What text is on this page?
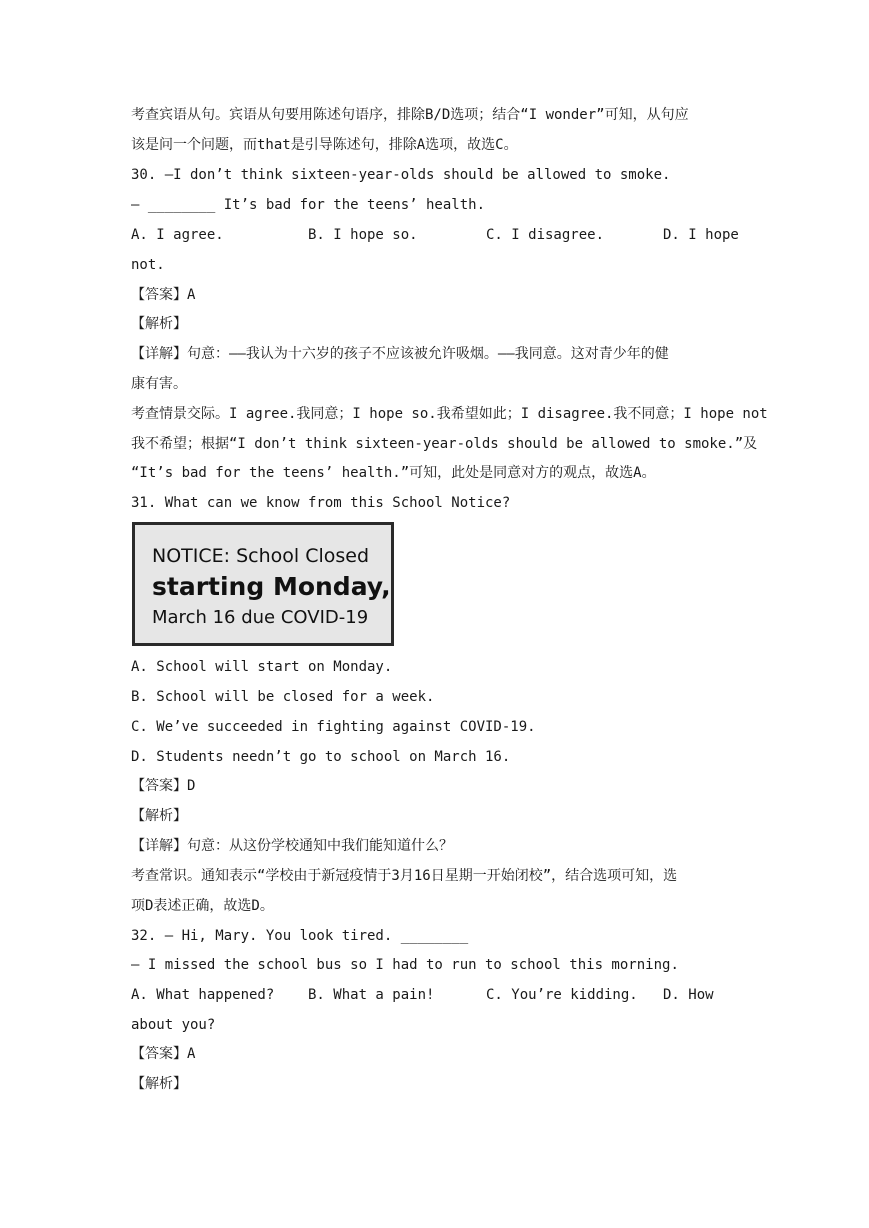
考查宾语从句。宾语从句要用陈述句语序，排除B/D选项；结合“I wonder”可知，从句应
该是问一个问题，而that是引导陈述句，排除A选项，故选C。
30. —I don’t think sixteen-year-olds should be allowed to smoke.
— ________ It’s bad for the teens’ health.
A. I agree.	B. I hope so.	C. I disagree.	D. I hope
not.
【答案】A
【解析】
【详解】句意：——我认为十六岁的孩子不应该被允许吸烟。——我同意。这对青少年的健
康有害。
考查情景交际。I agree.我同意；I hope so.我希望如此；I disagree.我不同意；I hope not
我不希望；根据“I don’t think sixteen-year-olds should be allowed to smoke.”及
“It’s bad for the teens’ health.”可知，此处是同意对方的观点，故选A。
31. What can we know from this School Notice?
NOTICE: School Closed
starting Monday,
March 16 due COVID-19
A. School will start on Monday.
B. School will be closed for a week.
C. We’ve succeeded in fighting against COVID-19.
D. Students needn’t go to school on March 16.
【答案】D
【解析】
【详解】句意：从这份学校通知中我们能知道什么？
考查常识。通知表示“学校由于新冠疫情于3月16日星期一开始闭校”，结合选项可知，选
项D表述正确，故选D。
32. — Hi, Mary. You look tired. ________
— I missed the school bus so I had to run to school this morning.
A. What happened? B. What a pain!	C. You’re kidding. D. How
about you?
【答案】A
【解析】
